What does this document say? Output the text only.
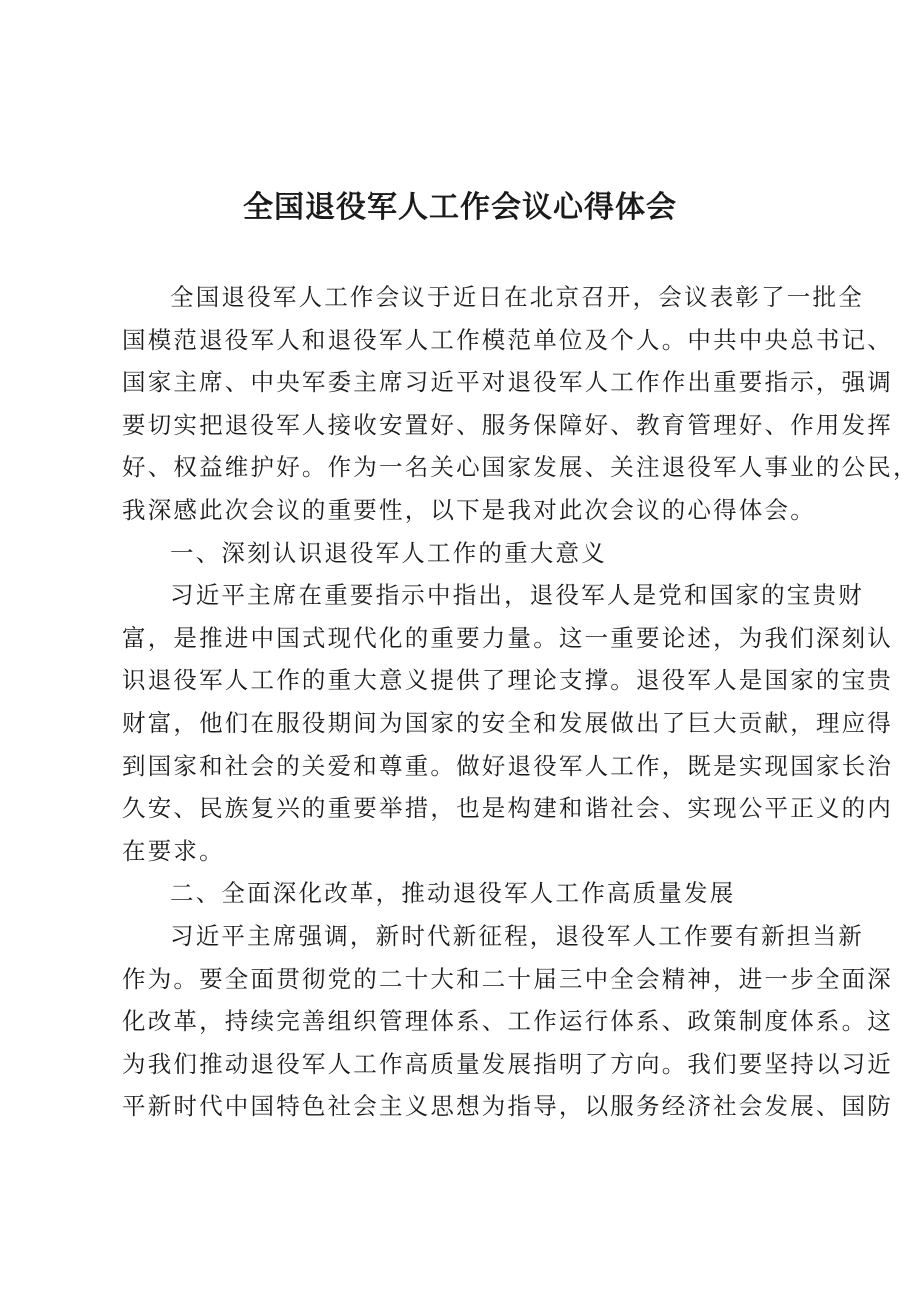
全国退役军人工作会议心得体会
全国退役军人工作会议于近日在北京召开，会议表彰了一批全
国模范退役军人和退役军人工作模范单位及个人。中共中央总书记、
国家主席、中央军委主席习近平对退役军人工作作出重要指示，强调
要切实把退役军人接收安置好、服务保障好、教育管理好、作用发挥
好、权益维护好。作为一名关心国家发展、关注退役军人事业的公民，
我深感此次会议的重要性，以下是我对此次会议的心得体会。
一、深刻认识退役军人工作的重大意义
习近平主席在重要指示中指出，退役军人是党和国家的宝贵财
富，是推进中国式现代化的重要力量。这一重要论述，为我们深刻认
识退役军人工作的重大意义提供了理论支撑。退役军人是国家的宝贵
财富，他们在服役期间为国家的安全和发展做出了巨大贡献，理应得
到国家和社会的关爱和尊重。做好退役军人工作，既是实现国家长治
久安、民族复兴的重要举措，也是构建和谐社会、实现公平正义的内
在要求。
二、全面深化改革，推动退役军人工作高质量发展
习近平主席强调，新时代新征程，退役军人工作要有新担当新
作为。要全面贯彻党的二十大和二十届三中全会精神，进一步全面深
化改革，持续完善组织管理体系、工作运行体系、政策制度体系。这
为我们推动退役军人工作高质量发展指明了方向。我们要坚持以习近
平新时代中国特色社会主义思想为指导，以服务经济社会发展、国防
